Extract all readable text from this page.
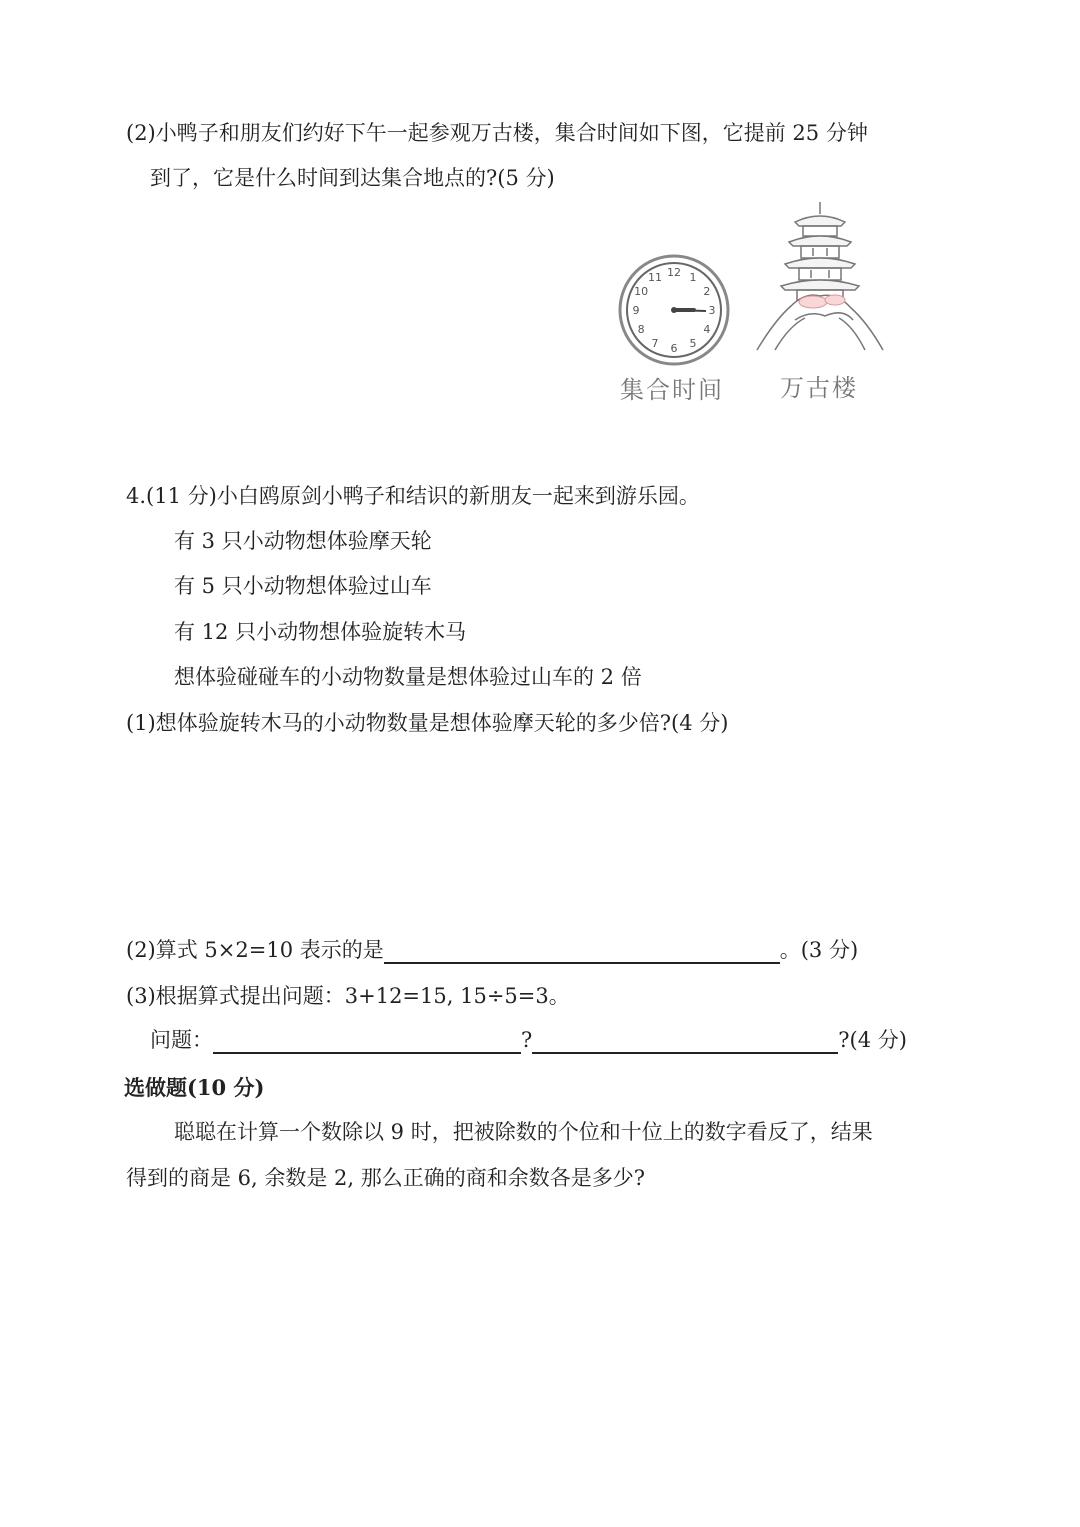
(2)小鸭子和朋友们约好下午一起参观万古楼，集合时间如下图，它提前 25 分钟
到了，它是什么时间到达集合地点的?(5 分)
12 1
2
3
4
5
6
7
8
9
10
11
集合时间 万古楼
4.(11 分)小白鸥原剑小鸭子和结识的新朋友一起来到游乐园。
有 3 只小动物想体验摩天轮
有 5 只小动物想体验过山车
有 12 只小动物想体验旋转木马
想体验碰碰车的小动物数量是想体验过山车的 2 倍
(1)想体验旋转木马的小动物数量是想体验摩天轮的多少倍?(4 分)
(2)算式 5×2=10 表示的是	。(3 分)
(3)根据算式提出问题：3+12=15, 15÷5=3。
问题：	?	?(4 分)
选做题(10 分)
聪聪在计算一个数除以 9 时，把被除数的个位和十位上的数字看反了，结果
得到的商是 6, 余数是 2, 那么正确的商和余数各是多少?
